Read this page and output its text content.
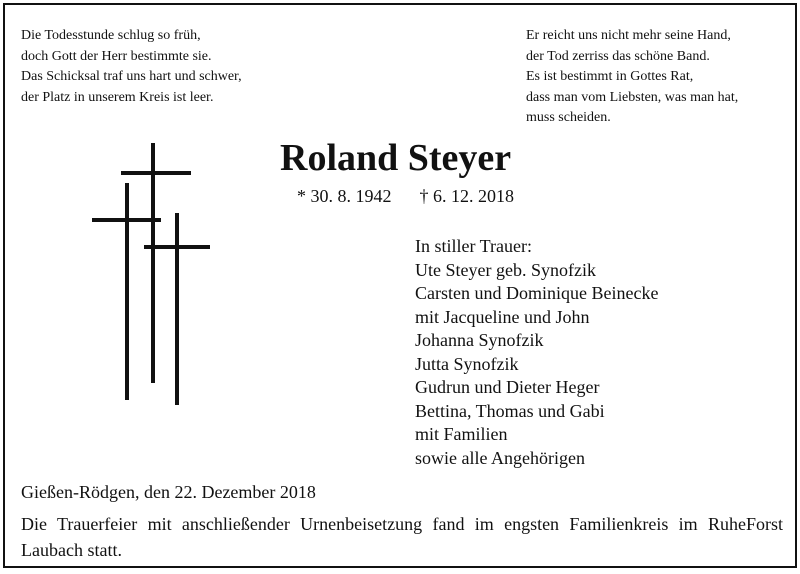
Die Todesstunde schlug so früh,
doch Gott der Herr bestimmte sie.
Das Schicksal traf uns hart und schwer,
der Platz in unserem Kreis ist leer.
Er reicht uns nicht mehr seine Hand,
der Tod zerriss das schöne Band.
Es ist bestimmt in Gottes Rat,
dass man vom Liebsten, was man hat,
muss scheiden.
Roland Steyer
* 30. 8. 1942 † 6. 12. 2018
In stiller Trauer:
Ute Steyer geb. Synofzik
Carsten und Dominique Beinecke
mit Jacqueline und John
Johanna Synofzik
Jutta Synofzik
Gudrun und Dieter Heger
Bettina, Thomas und Gabi
mit Familien
sowie alle Angehörigen
Gießen-Rödgen, den 22. Dezember 2018
Die Trauerfeier mit anschließender Urnenbeisetzung fand im engsten Familienkreis im RuheForst Laubach statt.
